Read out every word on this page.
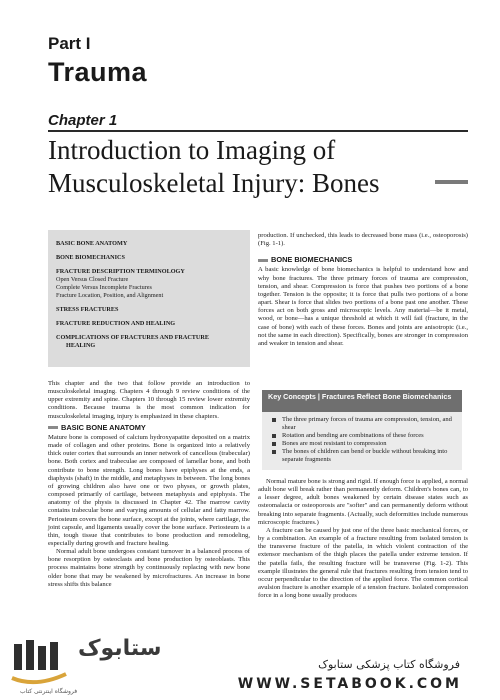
Part I
Trauma
Chapter 1
Introduction to Imaging of Musculoskeletal Injury: Bones
BASIC BONE ANATOMY
BONE BIOMECHANICS
FRACTURE DESCRIPTION TERMINOLOGY
Open Versus Closed Fracture
Complete Versus Incomplete Fractures
Fracture Location, Position, and Alignment
STRESS FRACTURES
FRACTURE REDUCTION AND HEALING
COMPLICATIONS OF FRACTURES AND FRACTURE
HEALING

This chapter and the two that follow provide an introduction to musculoskeletal imaging. Chapters 4 through 9 review conditions of the upper extremity and spine. Chapters 10 through 15 review lower extremity conditions. Because trauma is the most common indication for musculoskeletal imaging, injury is emphasized in these chapters.

BASIC BONE ANATOMY

Mature bone is composed of calcium hydroxyapatite deposited on a matrix made of collagen and other proteins. Bone is organized into a relatively thick outer cortex that surrounds an inner network of cancellous (trabecular) bone. Both cortex and trabeculae are composed of lamellar bone, and both contribute to bone strength. Long bones have epiphyses at the ends, a diaphysis (shaft) in the middle, and metaphyses in between. The long bones of growing children also have one or two physes, or growth plates, composed primarily of cartilage, between metaphysis and epiphysis. The anatomy of the physis is discussed in Chapter 42. The marrow cavity contains trabecular bone and varying amounts of cellular and fatty marrow. Periosteum covers the bone surface, except at the joints, where cartilage, the joint capsule, and ligaments usually cover the bone surface. Periosteum is a thin, tough tissue that contributes to bone production and remodeling, especially during growth and fracture healing.

Normal adult bone undergoes constant turnover in a balanced process of bone resorption by osteoclasts and bone production by osteoblasts. This process maintains bone strength by continuously replacing with new bone older bone that may be weakened by microfractures. An increase in bone stress shifts this balance

production. If unchecked, this leads to decreased bone mass (i.e., osteoporosis) (Fig. 1-1).

BONE BIOMECHANICS

A basic knowledge of bone biomechanics is helpful to understand how and why bone fractures. The three primary forces of trauma are compression, tension, and shear. Compression is force that pushes two portions of a bone together. Tension is the opposite; it is force that pulls two portions of a bone apart. Shear is force that slides two portions of a bone past one another. These forces act on both gross and microscopic levels. Any material—be it metal, wood, or bone—has a unique threshold at which it will fail (fracture, in the case of bone) with each of these forces. Bones and joints are anisotropic (i.e., not the same in each direction). Specifically, bones are stronger in compression and weaker in tension and shear.

Key Concepts | Fractures Reflect Bone Biomechanics
The three primary forces of trauma are compression, tension, and shear
Rotation and bending are combinations of these forces
Bones are most resistant to compression
The bones of children can bend or buckle without breaking into separate fragments

Normal mature bone is strong and rigid. If enough force is applied, a normal adult bone will break rather than permanently deform. Children's bones can, to a lesser degree, adult bones weakened by certain disease states such as osteomalacia or osteoporosis are "softer" and can permanently deform without breaking into separate fragments. (Actually, such deformities include numerous microscopic fractures.)

A fracture can be caused by just one of the three basic mechanical forces, or by a combination. An example of a fracture resulting from isolated tension is the transverse fracture of the patella, in which violent contraction of the extensor mechanism of the thigh places the patella under extreme tension. If the patella fails, the resulting fracture will be transverse (Fig. 1-2). This example illustrates the general rule that fractures resulting from tension tend to occur perpendicular to the direction of the applied force. The common cortical avulsion fracture is another example of a tension fracture. Isolated compression force in a long bone usually produces

ستابوک
فروشگاه اینترنتی کتاب
فروشگاه کتاب پزشکی ستابوک
WWW.SETABOOK.COM
